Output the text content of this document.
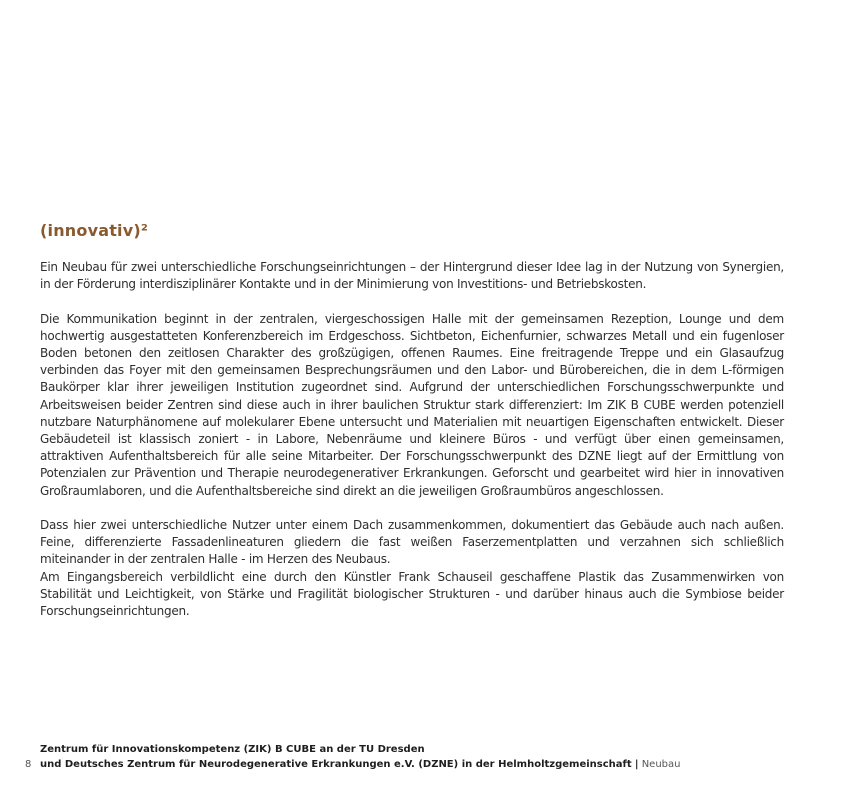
(innovativ)²

Ein Neubau für zwei unterschiedliche Forschungseinrichtungen – der Hintergrund dieser Idee lag in der Nutzung von Synergien, in der Förderung interdisziplinärer Kontakte und in der Minimierung von Investitions- und Betriebskosten.

Die Kommunikation beginnt in der zentralen, viergeschossigen Halle mit der gemeinsamen Rezeption, Lounge und dem hochwertig ausgestatteten Konferenzbereich im Erdgeschoss. Sichtbeton, Eichenfurnier, schwarzes Metall und ein fugenloser Boden betonen den zeitlosen Charakter des großzügigen, offenen Raumes. Eine freitragende Treppe und ein Glasaufzug verbinden das Foyer mit den gemeinsamen Besprechungsräumen und den Labor- und Bürobereichen, die in dem L-förmigen Baukörper klar ihrer jeweiligen Institution zugeordnet sind. Aufgrund der unterschiedlichen Forschungsschwerpunkte und Arbeitsweisen beider Zentren sind diese auch in ihrer baulichen Struktur stark differenziert: Im ZIK B CUBE werden potenziell nutzbare Naturphänomene auf molekularer Ebene untersucht und Materialien mit neuartigen Eigenschaften entwickelt. Dieser Gebäudeteil ist klassisch zoniert - in Labore, Nebenräume und kleinere Büros - und verfügt über einen gemeinsamen, attraktiven Aufenthaltsbereich für alle seine Mitarbeiter. Der Forschungsschwerpunkt des DZNE liegt auf der Ermittlung von Potenzialen zur Prävention und Therapie neurodegenerativer Erkrankungen. Geforscht und gearbeitet wird hier in innovativen Großraumlaboren, und die Aufenthaltsbereiche sind direkt an die jeweiligen Großraumbüros angeschlossen.

Dass hier zwei unterschiedliche Nutzer unter einem Dach zusammenkommen, dokumentiert das Gebäude auch nach außen. Feine, differenzierte Fassadenlineaturen gliedern die fast weißen Faserzementplatten und verzahnen sich schließlich miteinander in der zentralen Halle - im Herzen des Neubaus.

Am Eingangsbereich verbildlicht eine durch den Künstler Frank Schauseil geschaffene Plastik das Zusammenwirken von Stabilität und Leichtigkeit, von Stärke und Fragilität biologischer Strukturen - und darüber hinaus auch die Symbiose beider Forschungseinrichtungen.

8
Zentrum für Innovationskompetenz (ZIK) B CUBE an der TU Dresden
und Deutsches Zentrum für Neurodegenerative Erkrankungen e.V. (DZNE) in der Helmholtzgemeinschaft | Neubau
